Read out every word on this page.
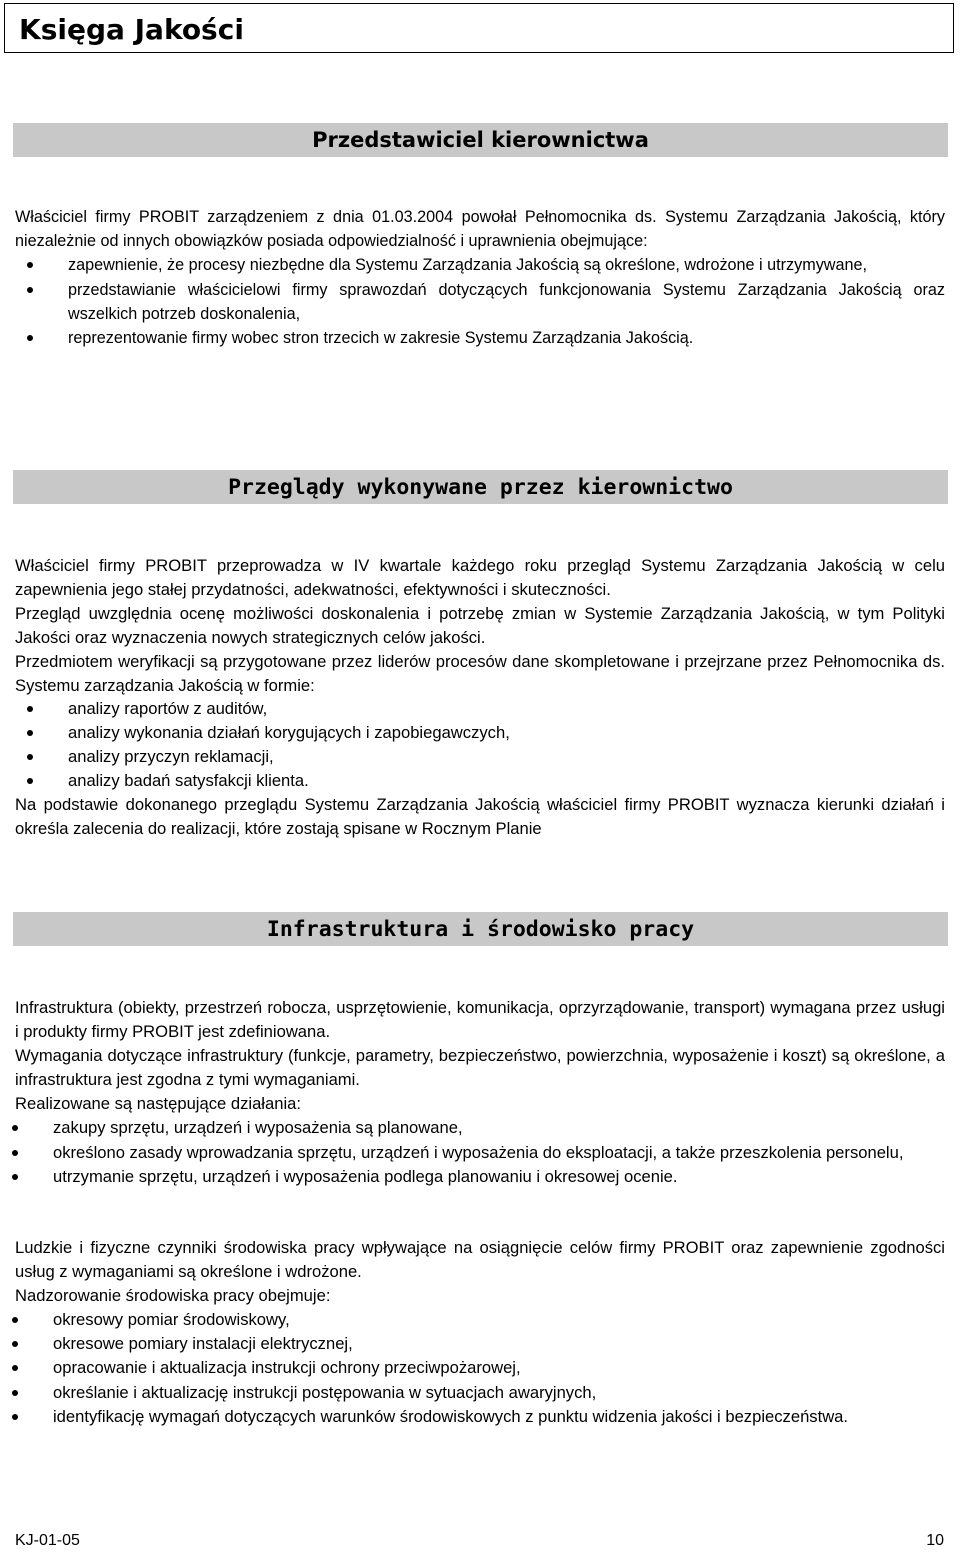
Księga Jakości
Przedstawiciel kierownictwa

Właściciel firmy PROBIT zarządzeniem z dnia 01.03.2004 powołał Pełnomocnika ds. Systemu Zarządzania Jakością, który niezależnie od innych obowiązków posiada odpowiedzialność i uprawnienia obejmujące:

zapewnienie, że procesy niezbędne dla Systemu Zarządzania Jakością są określone, wdrożone i utrzymywane,
przedstawianie właścicielowi firmy sprawozdań dotyczących funkcjonowania Systemu Zarządzania Jakością oraz wszelkich potrzeb doskonalenia,
reprezentowanie firmy wobec stron trzecich w zakresie Systemu Zarządzania Jakością.
Przeglądy wykonywane przez kierownictwo

Właściciel firmy PROBIT przeprowadza w IV kwartale każdego roku przegląd Systemu Zarządzania Jakością w celu zapewnienia jego stałej przydatności, adekwatności, efektywności i skuteczności.

Przegląd uwzględnia ocenę możliwości doskonalenia i potrzebę zmian w Systemie Zarządzania Jakością, w tym Polityki Jakości oraz wyznaczenia nowych strategicznych celów jakości.

Przedmiotem weryfikacji są przygotowane przez liderów procesów dane skompletowane i przejrzane przez Pełnomocnika ds. Systemu zarządzania Jakością w formie:

analizy raportów z auditów,
analizy wykonania działań korygujących i zapobiegawczych,
analizy przyczyn reklamacji,
analizy badań satysfakcji klienta.

Na podstawie dokonanego przeglądu Systemu Zarządzania Jakością właściciel firmy PROBIT wyznacza kierunki działań i określa zalecenia do realizacji, które zostają spisane w Rocznym Planie

Infrastruktura i środowisko pracy

Infrastruktura (obiekty, przestrzeń robocza, usprzętowienie, komunikacja, oprzyrządowanie, transport) wymagana przez usługi i produkty firmy PROBIT jest zdefiniowana.

Wymagania dotyczące infrastruktury (funkcje, parametry, bezpieczeństwo, powierzchnia, wyposażenie i koszt) są określone, a infrastruktura jest zgodna z tymi wymaganiami.

Realizowane są następujące działania:

zakupy sprzętu, urządzeń i wyposażenia są planowane,
określono zasady wprowadzania sprzętu, urządzeń i wyposażenia do eksploatacji, a także przeszkolenia personelu,
utrzymanie sprzętu, urządzeń i wyposażenia podlega planowaniu i okresowej ocenie.

Ludzkie i fizyczne czynniki środowiska pracy wpływające na osiągnięcie celów firmy PROBIT oraz zapewnienie zgodności usług z wymaganiami są określone i wdrożone.

Nadzorowanie środowiska pracy obejmuje:

okresowy pomiar środowiskowy,
okresowe pomiary instalacji elektrycznej,
opracowanie i aktualizacja instrukcji ochrony przeciwpożarowej,
określanie i aktualizację instrukcji postępowania w sytuacjach awaryjnych,
identyfikację wymagań dotyczących warunków środowiskowych z punktu widzenia jakości i bezpieczeństwa.
KJ-01-05	10
